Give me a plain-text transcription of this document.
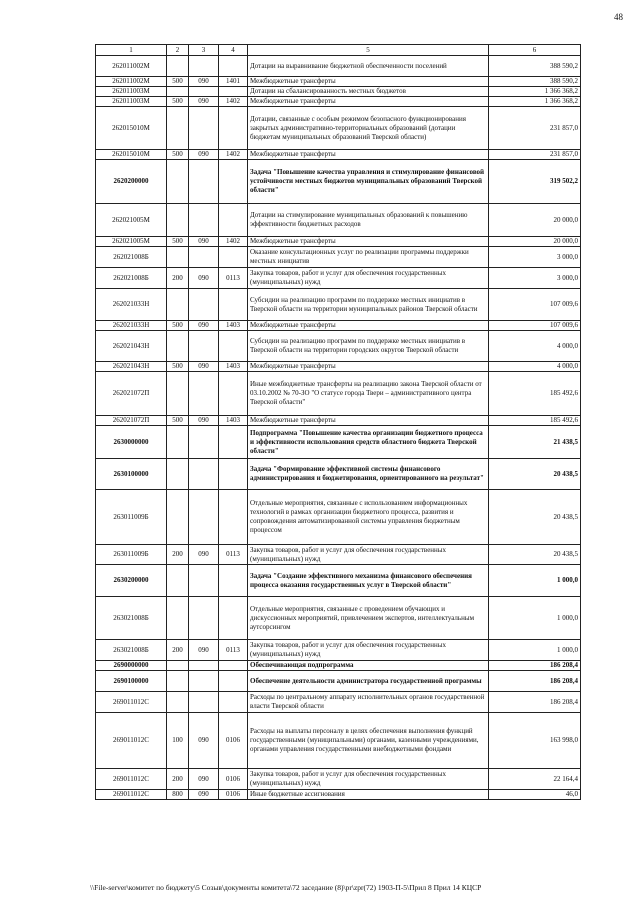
48
1	2	3	4	5	6
262011002М				Дотации на выравнивание бюджетной обеспеченности поселений	388 590,2
262011002М	500	090	1401	Межбюджетные трансферты	388 590,2
262011003М				Дотации на сбалансированность местных бюджетов	1 366 368,2
262011003М	500	090	1402	Межбюджетные трансферты	1 366 368,2
262015010М				Дотации, связанные с особым режимом безопасного функционирования закрытых административно-территориальных образований (дотации бюджетам муниципальных образований Тверской области)	231 857,0
262015010М	500	090	1402	Межбюджетные трансферты	231 857,0
2620200000				Задача "Повышение качества управления и стимулирование финансовой устойчивости местных бюджетов муниципальных образований Тверской области"	319 502,2
262021005М				Дотации на стимулирование муниципальных образований к повышению эффективности бюджетных расходов	20 000,0
262021005М	500	090	1402	Межбюджетные трансферты	20 000,0
262021008Б				Оказание консультационных услуг по реализации программы поддержки местных инициатив	3 000,0
262021008Б	200	090	0113	Закупка товаров, работ и услуг для обеспечения государственных (муниципальных) нужд	3 000,0
262021033Н				Субсидии на реализацию программ по поддержке местных инициатив в Тверской области на территории муниципальных районов Тверской области	107 009,6
262021033Н	500	090	1403	Межбюджетные трансферты	107 009,6
262021043Н				Субсидии на реализацию программ по поддержке местных инициатив в Тверской области на территории городских округов Тверской области	4 000,0
262021043Н	500	090	1403	Межбюджетные трансферты	4 000,0
262021072П				Иные межбюджетные трансферты на реализацию закона Тверской области от 03.10.2002 № 70-ЗО "О статусе города Твери – административного центра Тверской области"	185 492,6
262021072П	500	090	1403	Межбюджетные трансферты	185 492,6
2630000000				Подпрограмма "Повышение качества организации бюджетного процесса и эффективности использования средств областного бюджета Тверской области"	21 438,5
2630100000				Задача "Формирование эффективной системы финансового администрирования и бюджетирования, ориентированного на результат"	20 438,5
263011009Б				Отдельные мероприятия, связанные с использованием информационных технологий в рамках организации бюджетного процесса, развития и сопровождения автоматизированной системы управления бюджетным процессом	20 438,5
263011009Б	200	090	0113	Закупка товаров, работ и услуг для обеспечения государственных (муниципальных) нужд	20 438,5
2630200000				Задача "Создание эффективного механизма финансового обеспечения процесса оказания государственных услуг в Тверской области"	1 000,0
263021008Б				Отдельные мероприятия, связанные с проведением обучающих и дискуссионных мероприятий, привлечением экспертов, интеллектуальным аутсорсингом	1 000,0
263021008Б	200	090	0113	Закупка товаров, работ и услуг для обеспечения государственных (муниципальных) нужд	1 000,0
2690000000				Обеспечивающая подпрограмма	186 208,4
2690100000				Обеспечение деятельности администратора государственной программы	186 208,4
269011012С				Расходы по центральному аппарату исполнительных органов государственной власти Тверской области	186 208,4
269011012С	100	090	0106	Расходы на выплаты персоналу в целях обеспечения выполнения функций государственными (муниципальными) органами, казенными учреждениями, органами управления государственными внебюджетными фондами	163 998,0
269011012С	200	090	0106	Закупка товаров, работ и услуг для обеспечения государственных (муниципальных) нужд	22 164,4
269011012С	800	090	0106	Иные бюджетные ассигнования	46,0
\\File-server\комитет по бюджету\5 Созыв\документы комитета\72 заседание (8)\pr\zpr(72) 1903-П-5\Прил 8 Прил 14 КЦСР
